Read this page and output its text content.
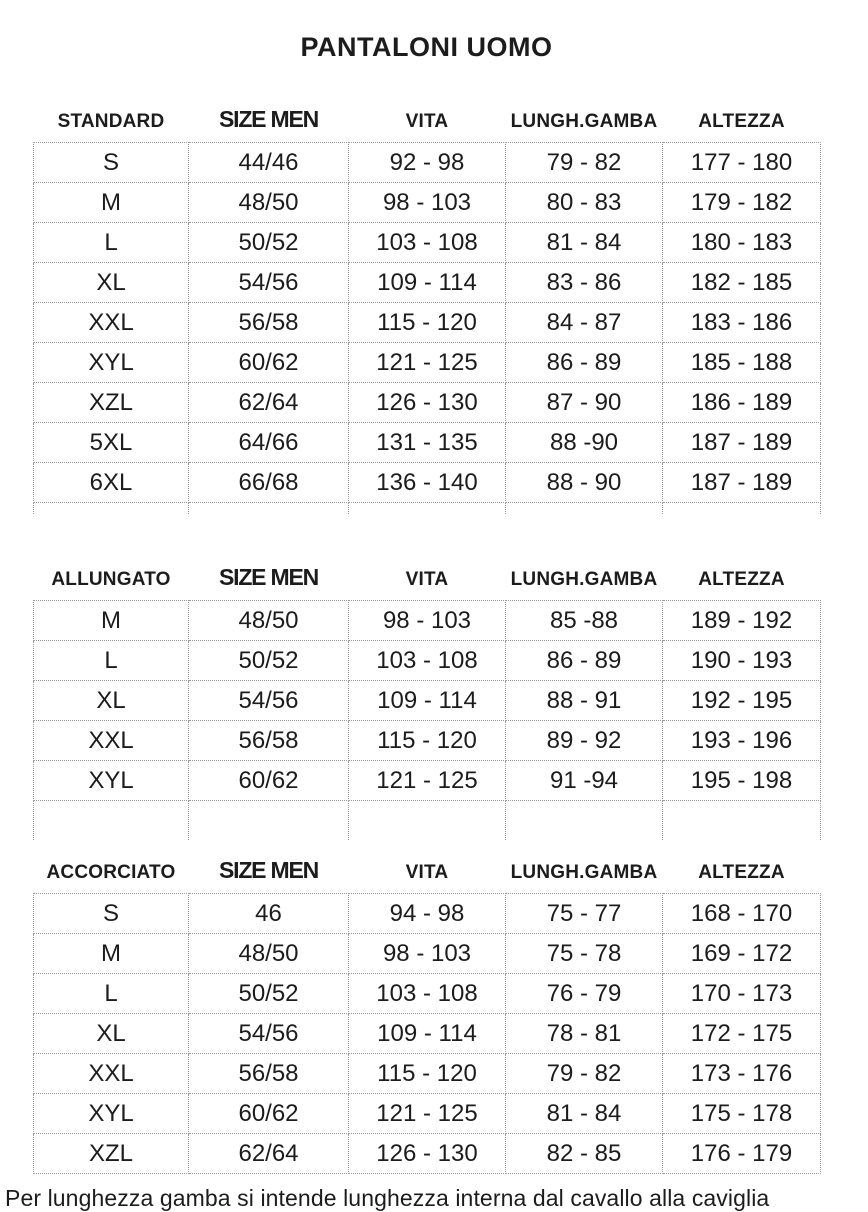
PANTALONI UOMO
STANDARD	SIZE MEN	VITA	LUNGH.GAMBA	ALTEZZA
S	44/46	92 - 98	79 - 82	177 - 180
M	48/50	98 - 103	80 - 83	179 - 182
L	50/52	103 - 108	81 - 84	180 - 183
XL	54/56	109 - 114	83 - 86	182 - 185
XXL	56/58	115 - 120	84 - 87	183 - 186
XYL	60/62	121 - 125	86 - 89	185 - 188
XZL	62/64	126 - 130	87 - 90	186 - 189
5XL	64/66	131 - 135	88 -90	187 - 189
6XL	66/68	136 - 140	88 - 90	187 - 189

ALLUNGATO	SIZE MEN	VITA	LUNGH.GAMBA	ALTEZZA
M	48/50	98 - 103	85 -88	189 - 192
L	50/52	103 - 108	86 - 89	190 - 193
XL	54/56	109 - 114	88 - 91	192 - 195
XXL	56/58	115 - 120	89 - 92	193 - 196
XYL	60/62	121 - 125	91 -94	195 - 198

ACCORCIATO	SIZE MEN	VITA	LUNGH.GAMBA	ALTEZZA
S	46	94 - 98	75 - 77	168 - 170
M	48/50	98 - 103	75 - 78	169 - 172
L	50/52	103 - 108	76 - 79	170 - 173
XL	54/56	109 - 114	78 - 81	172 - 175
XXL	56/58	115 - 120	79 - 82	173 - 176
XYL	60/62	121 - 125	81 - 84	175 - 178
XZL	62/64	126 - 130	82 - 85	176 - 179
Per lunghezza gamba si intende lunghezza interna dal cavallo alla caviglia
